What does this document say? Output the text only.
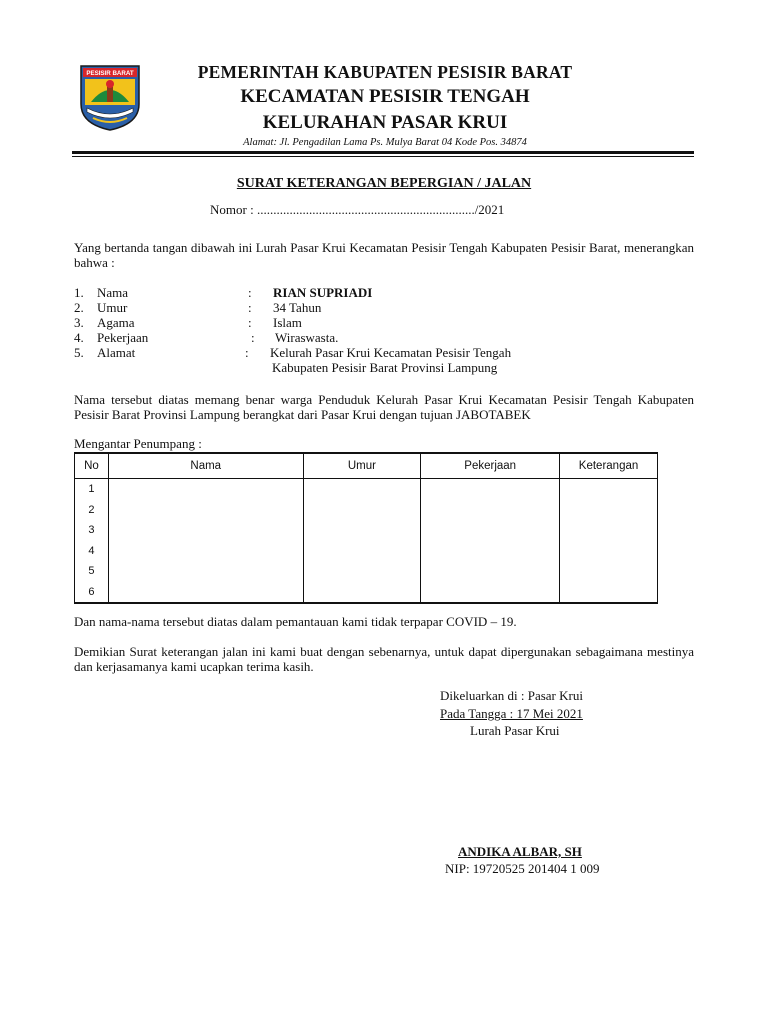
PESISIR BARAT	PEMERINTAH KABUPATEN PESISIR BARAT
KECAMATAN PESISIR TENGAH
KELURAHAN PASAR KRUI
Alamat: Jl. Pengadilan Lama Ps. Mulya Barat 04 Kode Pos. 34874
SURAT KETERANGAN BEPERGIAN / JALAN
Nomor : .................................................................../2021
Yang bertanda tangan dibawah ini Lurah Pasar Krui Kecamatan Pesisir Tengah Kabupaten Pesisir Barat, menerangkan bahwa :
1. Nama	: RIAN SUPRIADI
2. Umur	: 34 Tahun
3. Agama	: Islam
4. Pekerjaan	: Wiraswasta.
5. Alamat	: Kelurah Pasar Krui Kecamatan Pesisir Tengah
Kabupaten Pesisir Barat Provinsi Lampung
Nama tersebut diatas memang benar warga Penduduk Kelurah Pasar Krui Kecamatan Pesisir Tengah Kabupaten Pesisir Barat Provinsi Lampung berangkat dari Pasar Krui dengan tujuan JABOTABEK
Mengantar Penumpang :
No	Nama	Umur	Pekerjaan	Keterangan
1				
2				
3				
4				
5				
6				
Dan nama-nama tersebut diatas dalam pemantauan kami tidak terpapar COVID – 19.
Demikian Surat keterangan jalan ini kami buat dengan sebenarnya, untuk dapat dipergunakan sebagaimana mestinya dan kerjasamanya kami ucapkan terima kasih.
Dikeluarkan di : Pasar Krui
Pada Tangga : 17 Mei 2021
Lurah Pasar Krui
ANDIKA ALBAR, SH
NIP: 19720525 201404 1 009
